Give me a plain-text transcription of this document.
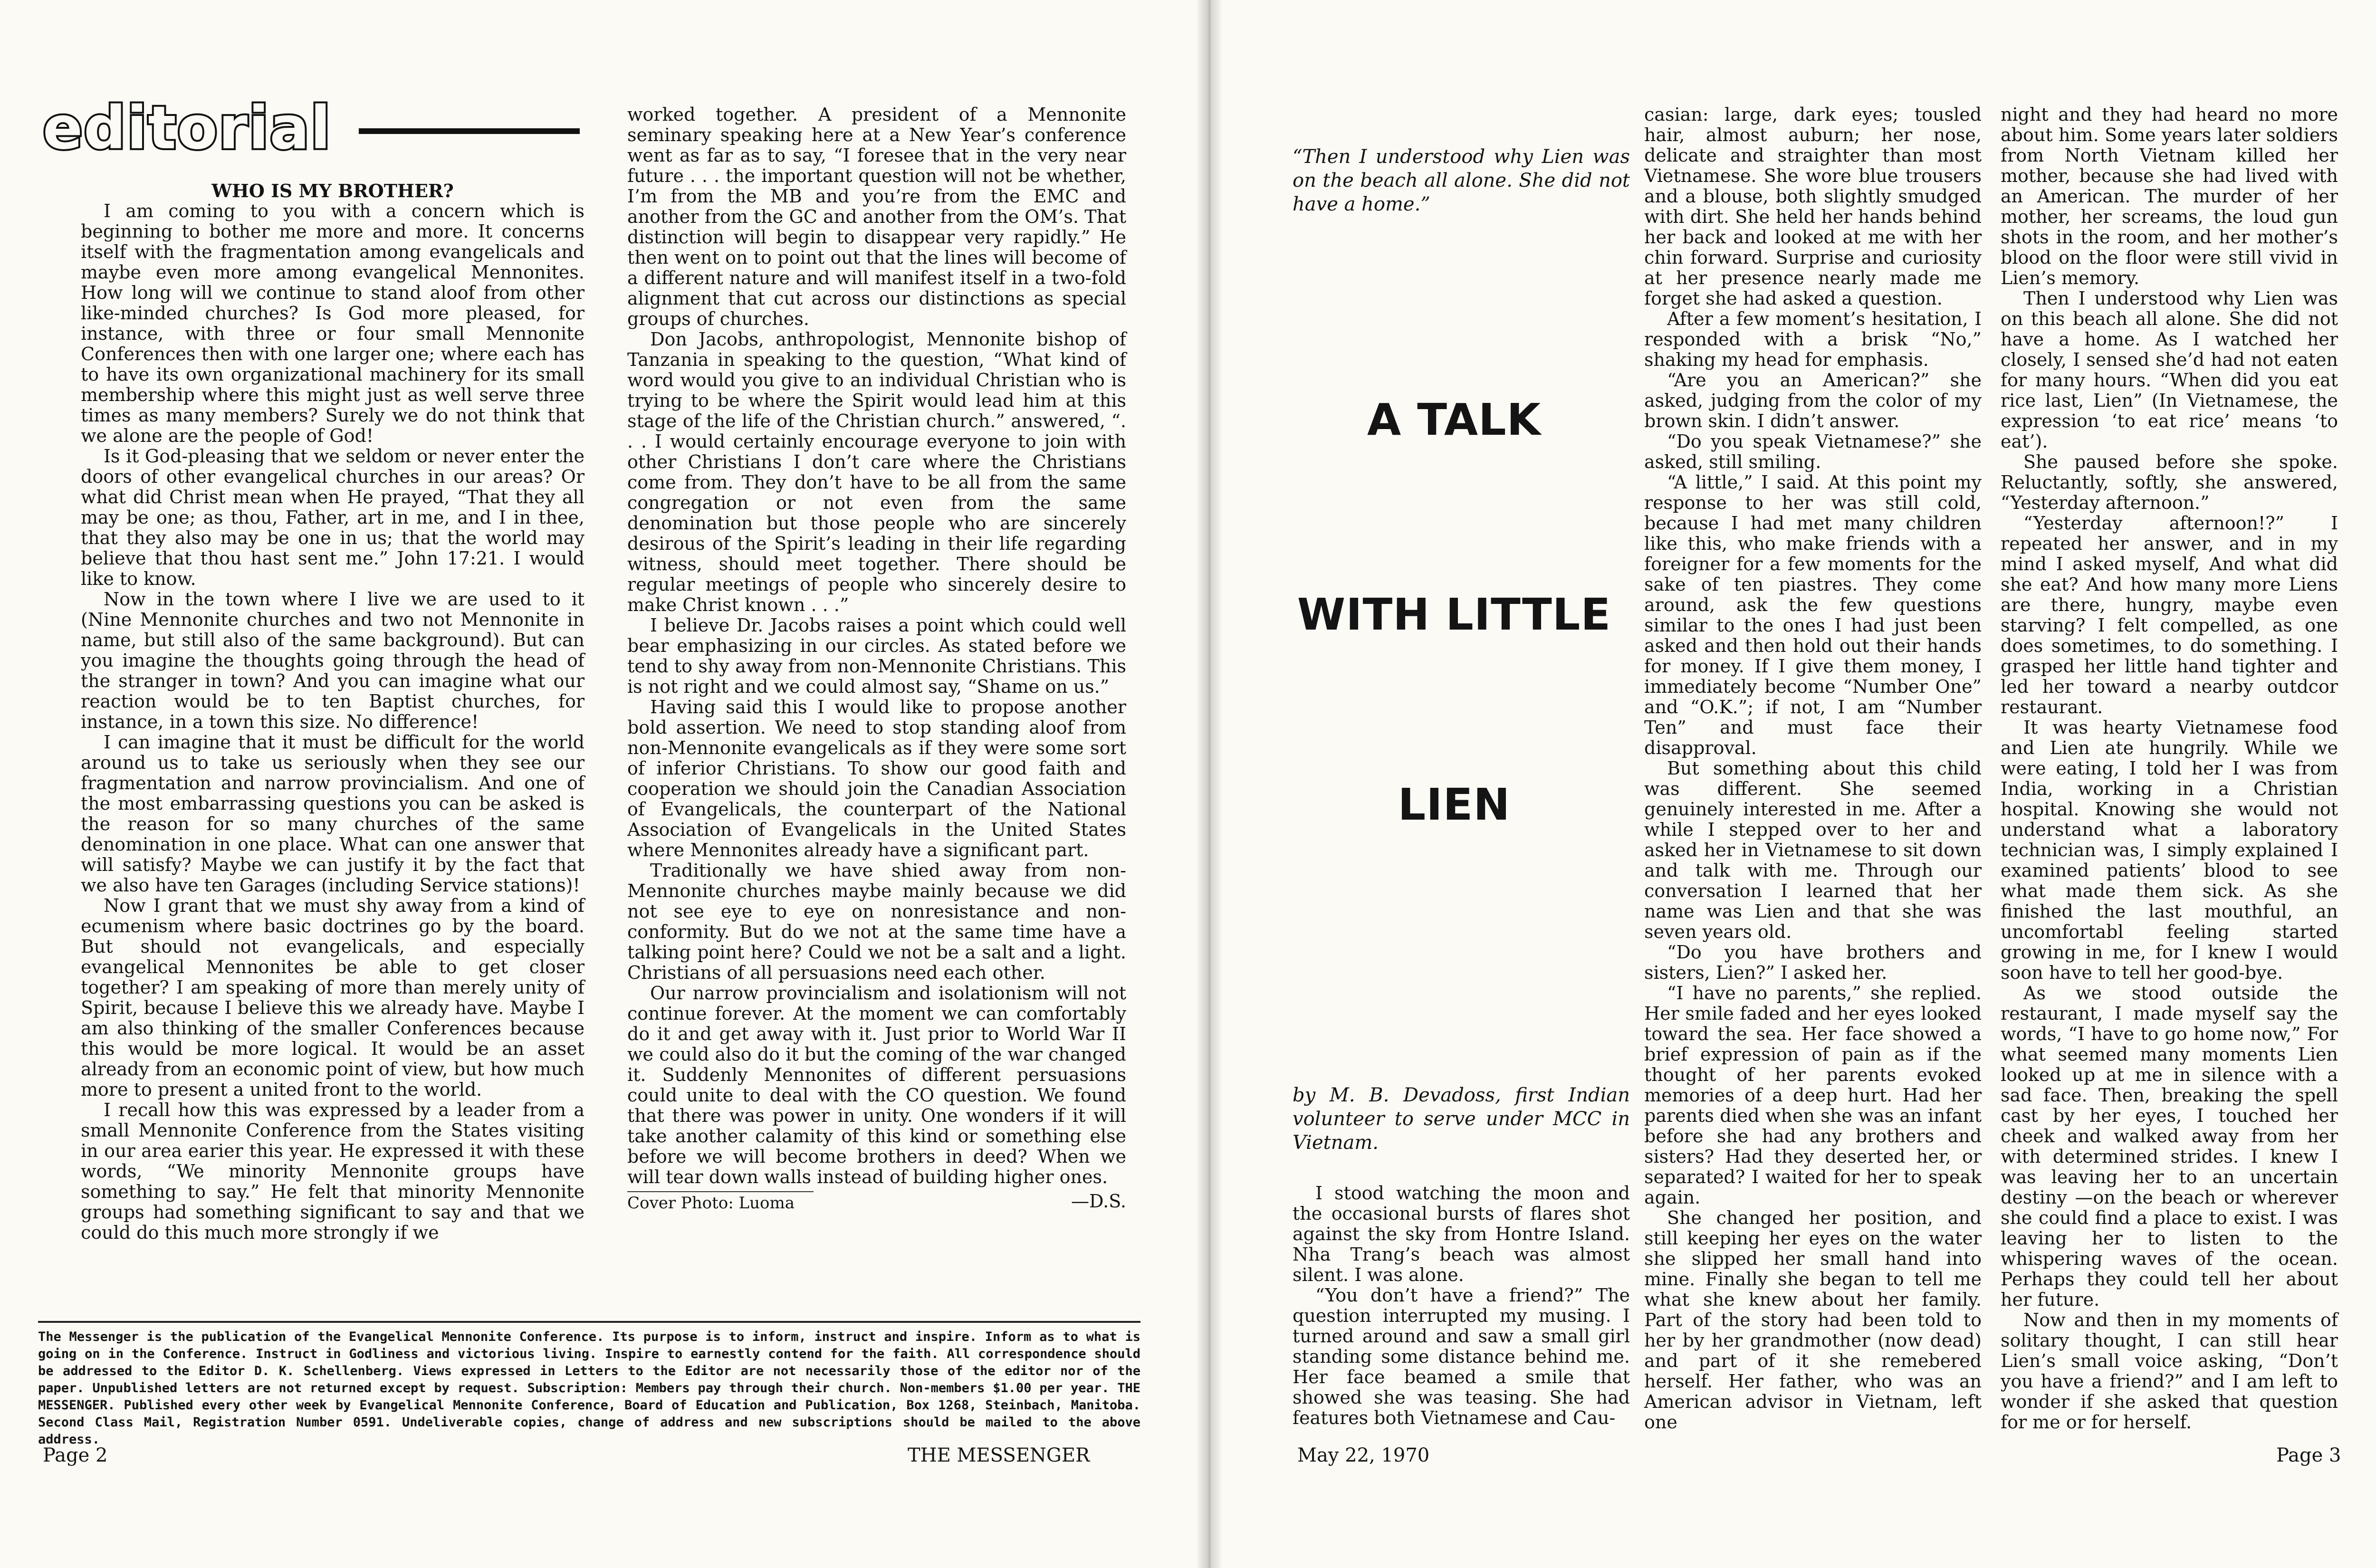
editorial

WHO IS MY BROTHER?

I am coming to you with a concern which is beginning to bother me more and more. It concerns itself with the fragmentation among evangelicals and maybe even more among evangelical Mennonites. How long will we continue to stand aloof from other like-minded churches? Is God more pleased, for instance, with three or four small Mennonite Conferences then with one larger one; where each has to have its own organizational machinery for its small membership where this might just as well serve three times as many members? Surely we do not think that we alone are the people of God!

Is it God-pleasing that we seldom or never enter the doors of other evangelical churches in our areas? Or what did Christ mean when He prayed, “That they all may be one; as thou, Father, art in me, and I in thee, that they also may be one in us; that the world may believe that thou hast sent me.” John 17:21. I would like to know.

Now in the town where I live we are used to it (Nine Mennonite churches and two not Mennonite in name, but still also of the same background). But can you imagine the thoughts going through the head of the stranger in town? And you can imagine what our reaction would be to ten Baptist churches, for instance, in a town this size. No difference!

I can imagine that it must be difficult for the world around us to take us seriously when they see our fragmentation and narrow provincialism. And one of the most embarrassing questions you can be asked is the reason for so many churches of the same denomination in one place. What can one answer that will satisfy? Maybe we can justify it by the fact that we also have ten Garages (including Service stations)!

Now I grant that we must shy away from a kind of ecumenism where basic doctrines go by the board. But should not evangelicals, and especially evangelical Mennonites be able to get closer together? I am speaking of more than merely unity of Spirit, because I believe this we already have. Maybe I am also thinking of the smaller Conferences because this would be more logical. It would be an asset already from an economic point of view, but how much more to present a united front to the world.

I recall how this was expressed by a leader from a small Mennonite Conference from the States visiting in our area earier this year. He expressed it with these words, “We minority Mennonite groups have something to say.” He felt that minority Mennonite groups had something significant to say and that we could do this much more strongly if we

worked together. A president of a Mennonite seminary speaking here at a New Year’s conference went as far as to say, “I foresee that in the very near future . . . the important question will not be whether, I’m from the MB and you’re from the EMC and another from the GC and another from the OM’s. That distinction will begin to disappear very rapidly.” He then went on to point out that the lines will become of a different nature and will manifest itself in a two-fold alignment that cut across our distinctions as special groups of churches.

Don Jacobs, anthropologist, Mennonite bishop of Tanzania in speaking to the question, “What kind of word would you give to an individual Christian who is trying to be where the Spirit would lead him at this stage of the life of the Christian church.” answered, “. . . I would certainly encourage everyone to join with other Christians I don’t care where the Christians come from. They don’t have to be all from the same congregation or not even from the same denomination but those people who are sincerely desirous of the Spirit’s leading in their life regarding witness, should meet together. There should be regular meetings of people who sincerely desire to make Christ known . . .”

I believe Dr. Jacobs raises a point which could well bear emphasizing in our circles. As stated before we tend to shy away from non-Mennonite Christians. This is not right and we could almost say, “Shame on us.”

Having said this I would like to propose another bold assertion. We need to stop standing aloof from non-Mennonite evangelicals as if they were some sort of inferior Christians. To show our good faith and cooperation we should join the Canadian Association of Evangelicals, the counterpart of the National Association of Evangelicals in the United States where Mennonites already have a significant part.

Traditionally we have shied away from non-Mennonite churches maybe mainly because we did not see eye to eye on nonresistance and non-conformity. But do we not at the same time have a talking point here? Could we not be a salt and a light. Christians of all persuasions need each other.

Our narrow provincialism and isolationism will not continue forever. At the moment we can comfortably do it and get away with it. Just prior to World War II we could also do it but the coming of the war changed it. Suddenly Mennonites of different persuasions could unite to deal with the CO question. We found that there was power in unity. One wonders if it will take another calamity of this kind or something else before we will become brothers in deed? When we will tear down walls instead of building higher ones.

Cover Photo: Luoma	—D.S.
The Messenger is the publication of the Evangelical Mennonite Conference. Its purpose is to inform, instruct and inspire. Inform as to what is going on in the Conference. Instruct in Godliness and victorious living. Inspire to earnestly contend for the faith. All correspondence should be addressed to the Editor D. K. Schellenberg. Views expressed in Letters to the Editor are not necessarily those of the editor nor of the paper. Unpublished letters are not returned except by request. Subscription: Members pay through their church. Non-members $1.00 per year. THE MESSENGER. Published every other week by Evangelical Mennonite Conference, Board of Education and Publication, Box 1268, Steinbach, Manitoba. Second Class Mail, Registration Number 0591. Undeliverable copies, change of address and new subscriptions should be mailed to the above address.
Page 2	THE MESSENGER
“Then I understood why Lien was on the beach all alone. She did not have a home.”
A TALK
WITH LITTLE
LIEN
by M. B. Devadoss, first Indian volunteer to serve under MCC in Vietnam.

I stood watching the moon and the occasional bursts of flares shot against the sky from Hontre Island. Nha Trang’s beach was almost silent. I was alone.

“You don’t have a friend?” The question interrupted my musing. I turned around and saw a small girl standing some distance behind me. Her face beamed a smile that showed she was teasing. She had features both Vietnamese and Cau-

casian: large, dark eyes; tousled hair, almost auburn; her nose, delicate and straighter than most Vietnamese. She wore blue trousers and a blouse, both slightly smudged with dirt. She held her hands behind her back and looked at me with her chin forward. Surprise and curiosity at her presence nearly made me forget she had asked a question.

After a few moment’s hesitation, I responded with a brisk “No,” shaking my head for emphasis.

“Are you an American?” she asked, judging from the color of my brown skin. I didn’t answer.

“Do you speak Vietnamese?” she asked, still smiling.

“A little,” I said. At this point my response to her was still cold, because I had met many children like this, who make friends with a foreigner for a few moments for the sake of ten piastres. They come around, ask the few questions similar to the ones I had just been asked and then hold out their hands for money. If I give them money, I immediately become “Number One” and “O.K.”; if not, I am “Number Ten” and must face their disapproval.

But something about this child was different. She seemed genuinely interested in me. After a while I stepped over to her and asked her in Vietnamese to sit down and talk with me. Through our conversation I learned that her name was Lien and that she was seven years old.

“Do you have brothers and sisters, Lien?” I asked her.

“I have no parents,” she replied. Her smile faded and her eyes looked toward the sea. Her face showed a brief expression of pain as if the thought of her parents evoked memories of a deep hurt. Had her parents died when she was an infant before she had any brothers and sisters? Had they deserted her, or separated? I waited for her to speak again.

She changed her position, and still keeping her eyes on the water she slipped her small hand into mine. Finally she began to tell me what she knew about her family. Part of the story had been told to her by her grandmother (now dead) and part of it she remebered herself. Her father, who was an American advisor in Vietnam, left one

night and they had heard no more about him. Some years later soldiers from North Vietnam killed her mother, because she had lived with an American. The murder of her mother, her screams, the loud gun shots in the room, and her mother’s blood on the floor were still vivid in Lien’s memory.

Then I understood why Lien was on this beach all alone. She did not have a home. As I watched her closely, I sensed she’d had not eaten for many hours. “When did you eat rice last, Lien” (In Vietnamese, the expression ‘to eat rice’ means ‘to eat’).

She paused before she spoke. Reluctantly, softly, she answered, “Yesterday afternoon.”

“Yesterday afternoon!?” I repeated her answer, and in my mind I asked myself, And what did she eat? And how many more Liens are there, hungry, maybe even starving? I felt compelled, as one does sometimes, to do something. I grasped her little hand tighter and led her toward a nearby outdcor restaurant.

It was hearty Vietnamese food and Lien ate hungrily. While we were eating, I told her I was from India, working in a Christian hospital. Knowing she would not understand what a laboratory technician was, I simply explained I examined patients’ blood to see what made them sick. As she finished the last mouthful, an uncomfortabl feeling started growing in me, for I knew I would soon have to tell her good-bye.

As we stood outside the restaurant, I made myself say the words, “I have to go home now,” For what seemed many moments Lien looked up at me in silence with a sad face. Then, breaking the spell cast by her eyes, I touched her cheek and walked away from her with determined strides. I knew I was leaving her to an uncertain destiny —on the beach or wherever she could find a place to exist. I was leaving her to listen to the whispering waves of the ocean. Perhaps they could tell her about her future.

Now and then in my moments of solitary thought, I can still hear Lien’s small voice asking, “Don’t you have a friend?” and I am left to wonder if she asked that question for me or for herself.

May 22, 1970	Page 3
